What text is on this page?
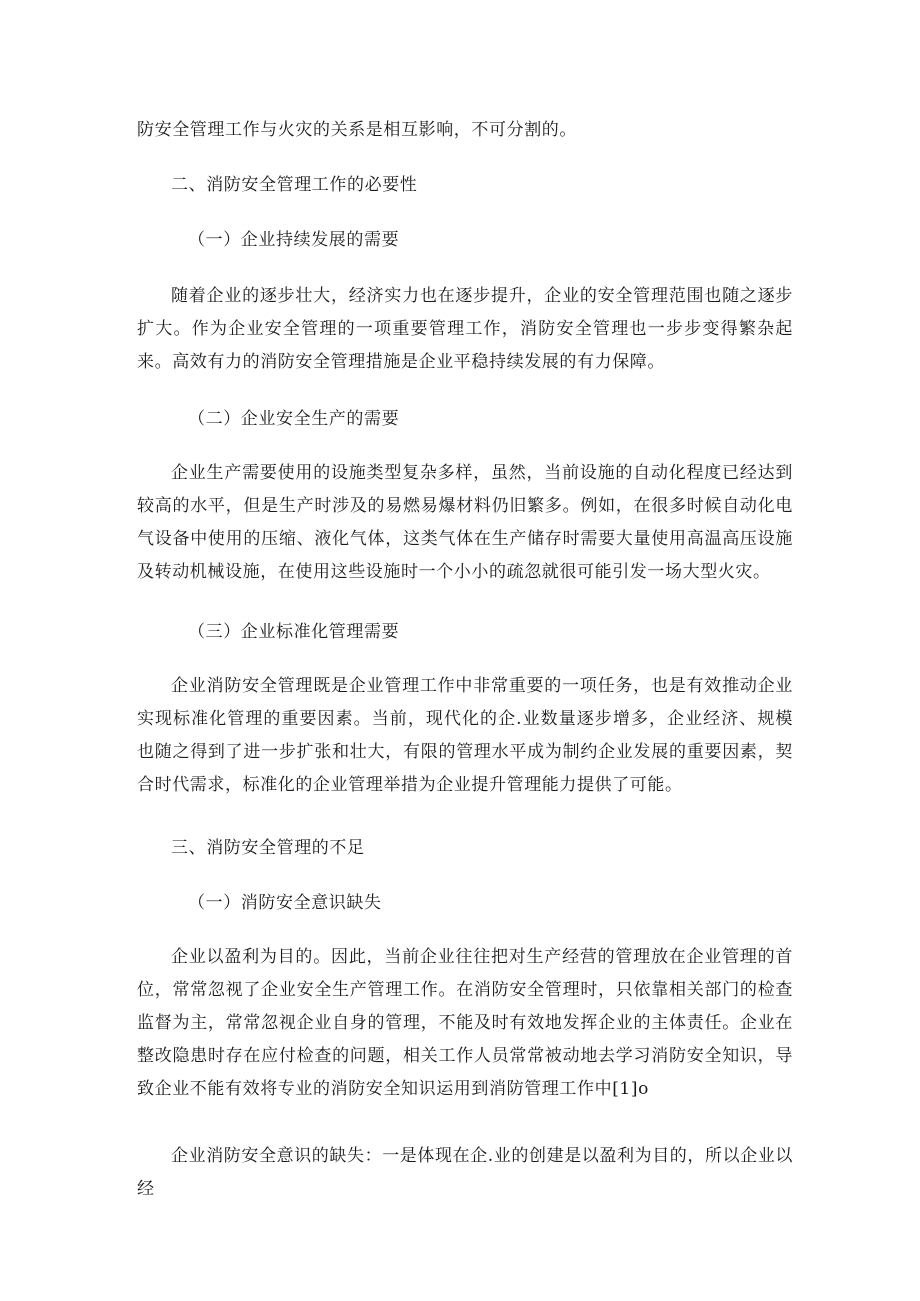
防安全管理工作与火灾的关系是相互影响，不可分割的。
二、消防安全管理工作的必要性
（一）企业持续发展的需要

随着企业的逐步壮大，经济实力也在逐步提升，企业的安全管理范围也随之逐步扩大。作为企业安全管理的一项重要管理工作，消防安全管理也一步步变得繁杂起来。高效有力的消防安全管理措施是企业平稳持续发展的有力保障。

（二）企业安全生产的需要

企业生产需要使用的设施类型复杂多样，虽然，当前设施的自动化程度已经达到较高的水平，但是生产时涉及的易燃易爆材料仍旧繁多。例如，在很多时候自动化电气设备中使用的压缩、液化气体，这类气体在生产储存时需要大量使用高温高压设施及转动机械设施，在使用这些设施时一个小小的疏忽就很可能引发一场大型火灾。

（三）企业标准化管理需要

企业消防安全管理既是企业管理工作中非常重要的一项任务，也是有效推动企业实现标准化管理的重要因素。当前，现代化的企.业数量逐步增多，企业经济、规模也随之得到了进一步扩张和壮大，有限的管理水平成为制约企业发展的重要因素，契合时代需求，标准化的企业管理举措为企业提升管理能力提供了可能。

三、消防安全管理的不足
（一）消防安全意识缺失

企业以盈利为目的。因此，当前企业往往把对生产经营的管理放在企业管理的首位，常常忽视了企业安全生产管理工作。在消防安全管理时，只依靠相关部门的检查监督为主，常常忽视企业自身的管理，不能及时有效地发挥企业的主体责任。企业在整改隐患时存在应付检查的问题，相关工作人员常常被动地去学习消防安全知识，导致企业不能有效将专业的消防安全知识运用到消防管理工作中[1]o

企业消防安全意识的缺失：一是体现在企.业的创建是以盈利为目的，所以企业以经
